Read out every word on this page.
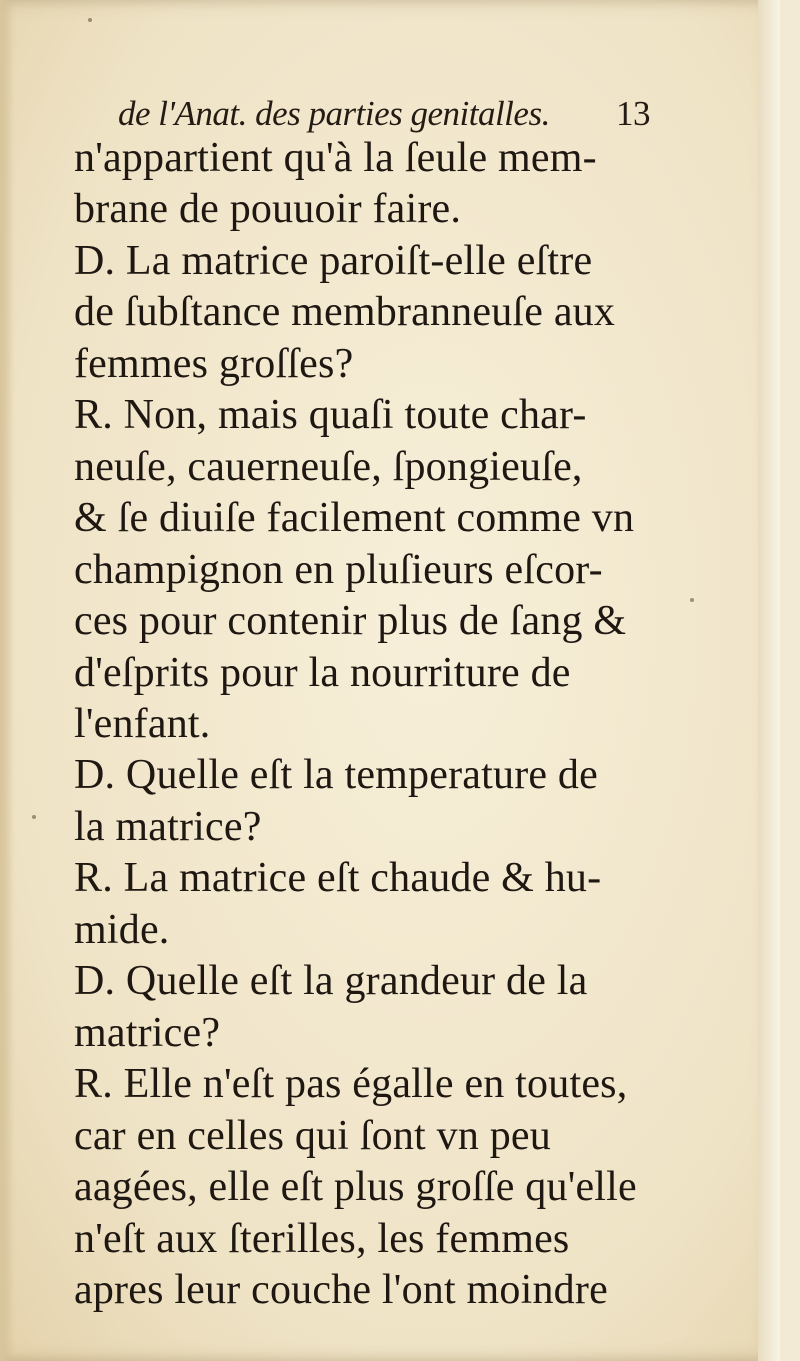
de l'Anat. des parties genitalles. 13
n'appartient qu'à la ſeule mem-
brane de pouuoir faire.
D. La matrice paroiſt-elle eſtre
de ſubſtance membranneuſe aux
femmes groſſes?
R. Non, mais quaſi toute char-
neuſe, cauerneuſe, ſpongieuſe,
& ſe diuiſe facilement comme vn
champignon en pluſieurs eſcor-
ces pour contenir plus de ſang &
d'eſprits pour la nourriture de
l'enfant.
D. Quelle eſt la temperature de
la matrice?
R. La matrice eſt chaude & hu-
mide.
D. Quelle eſt la grandeur de la
matrice?
R. Elle n'eſt pas égalle en toutes,
car en celles qui ſont vn peu
aagées, elle eſt plus groſſe qu'elle
n'eſt aux ſterilles, les femmes
apres leur couche l'ont moindre
